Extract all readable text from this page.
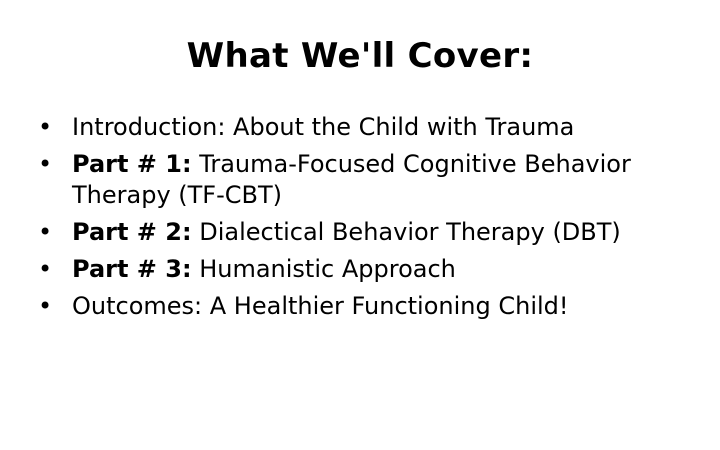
What We'll Cover:
• Introduction: About the Child with Trauma
• Part # 1: Trauma-Focused Cognitive Behavior Therapy (TF-CBT)
• Part # 2: Dialectical Behavior Therapy (DBT)
• Part # 3: Humanistic Approach
• Outcomes: A Healthier Functioning Child!
